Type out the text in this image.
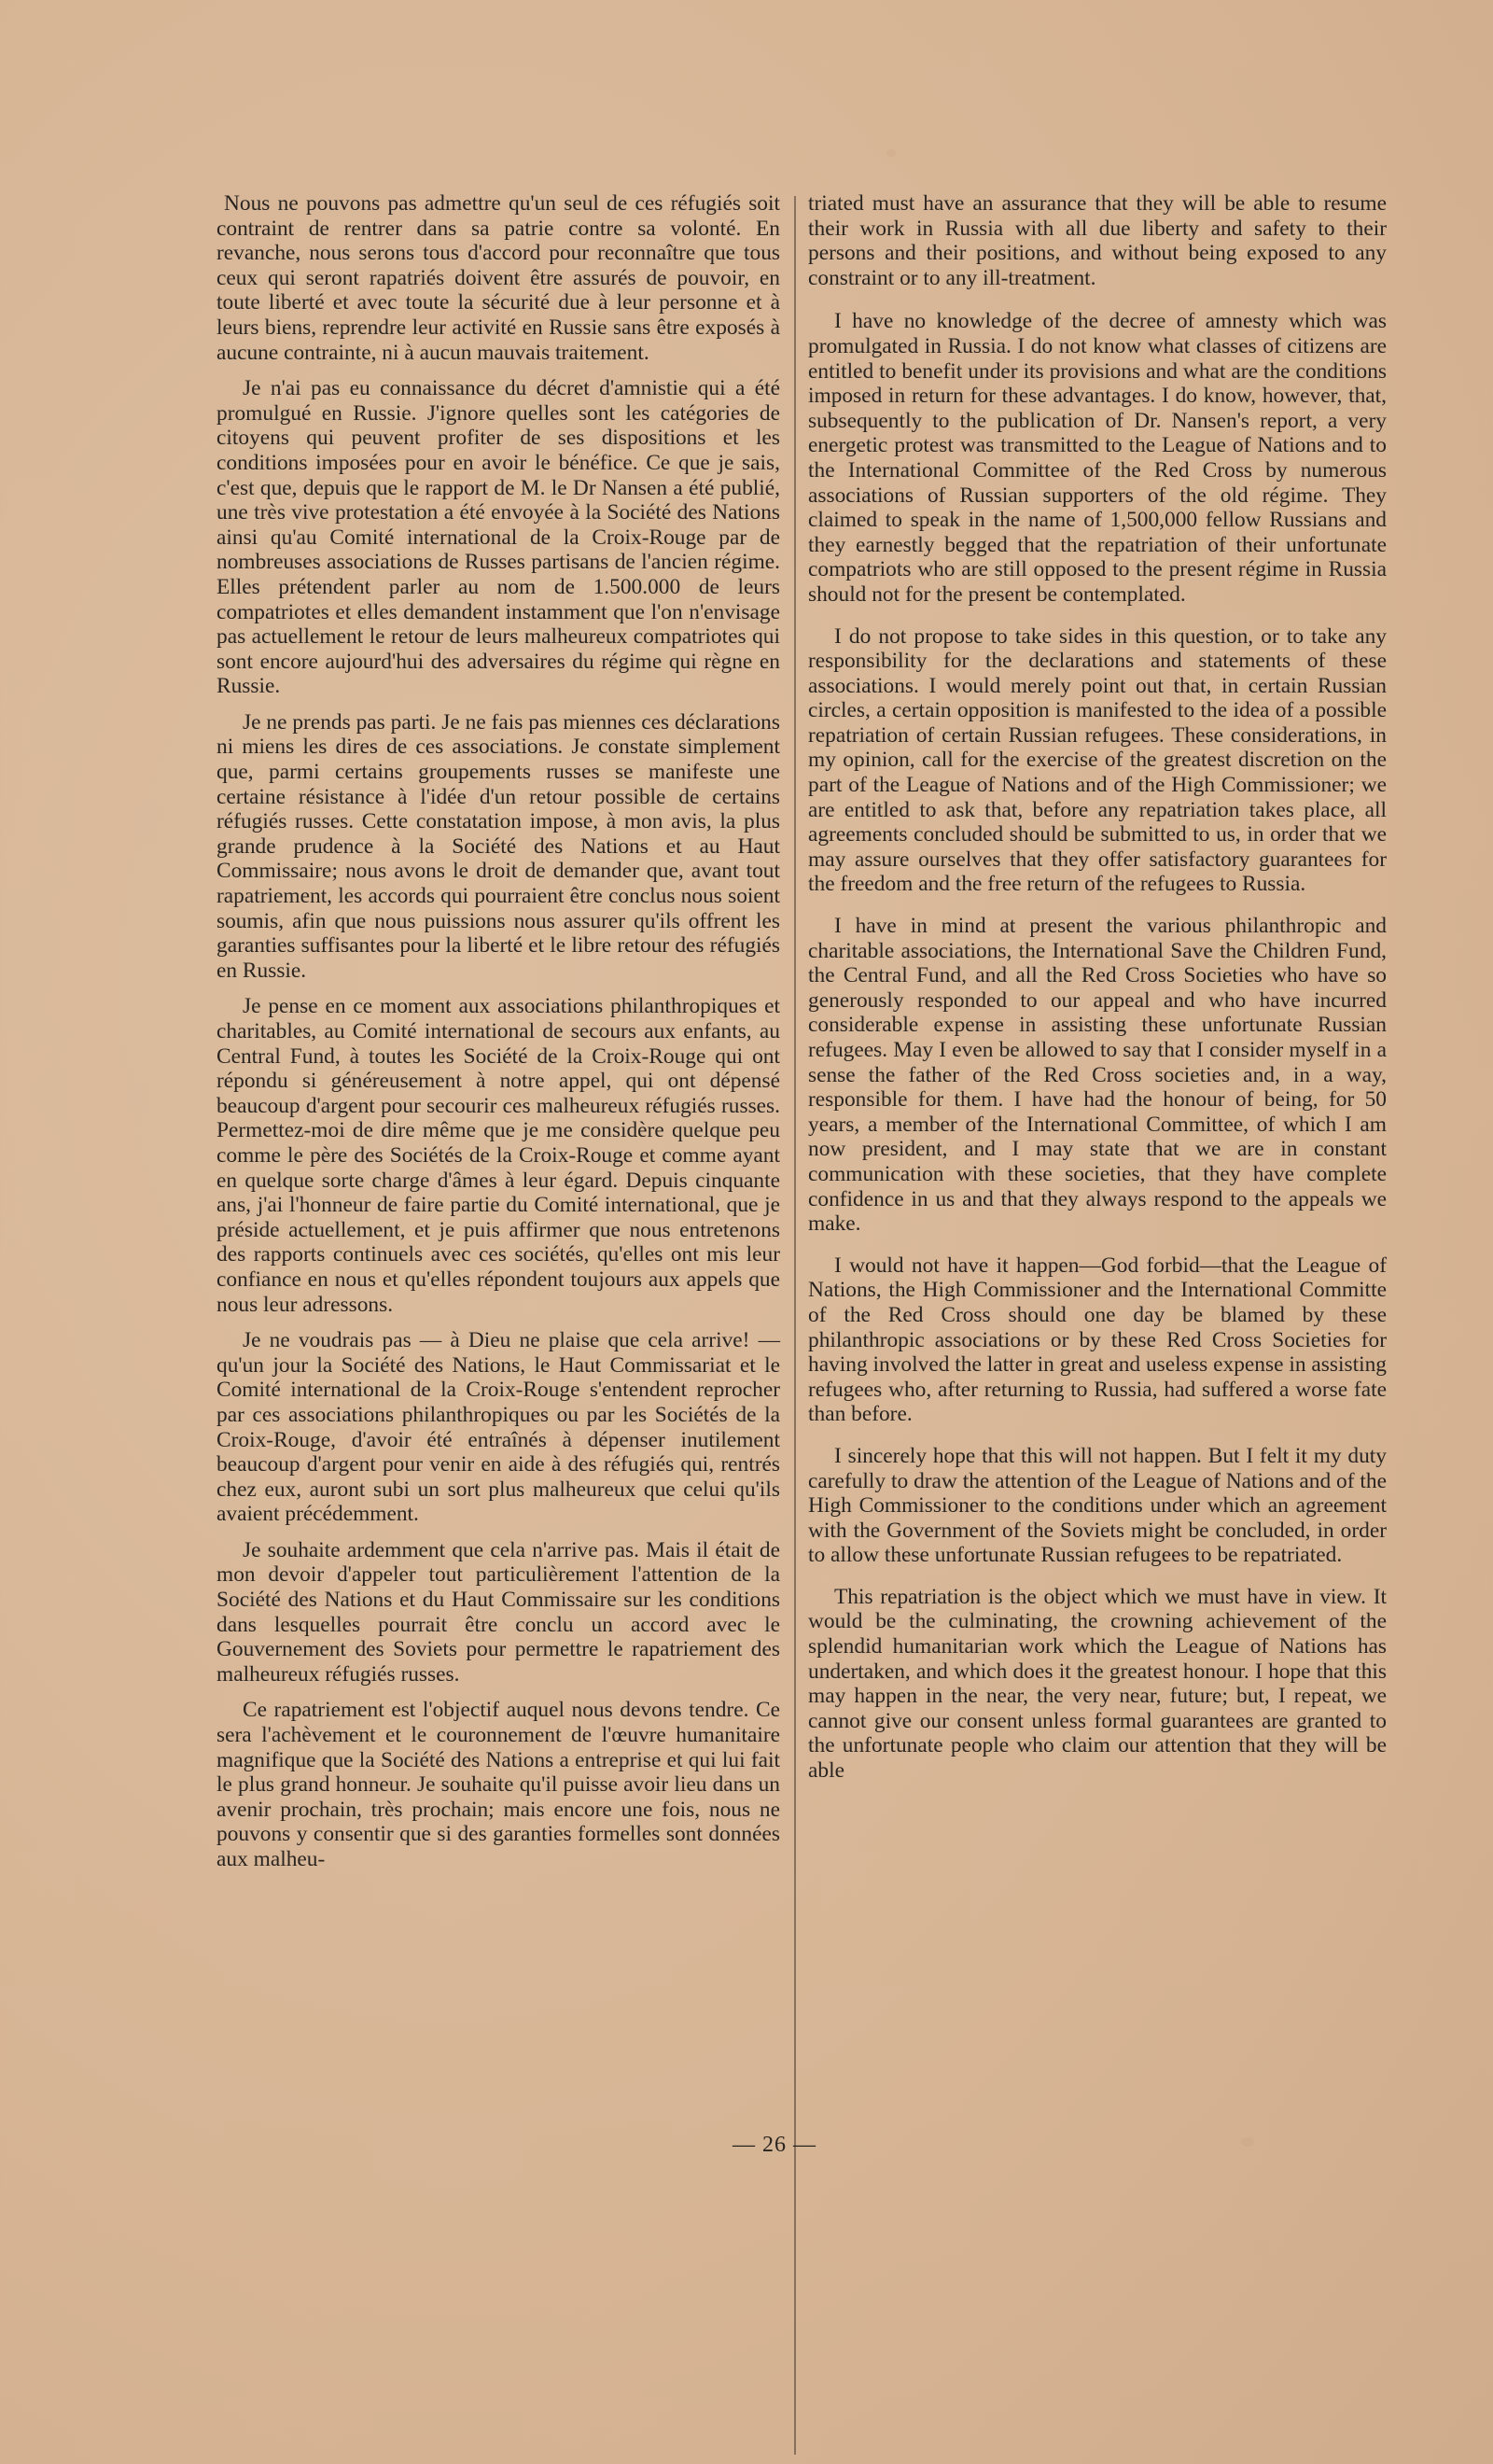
Nous ne pouvons pas admettre qu'un seul de ces réfugiés soit contraint de rentrer dans sa patrie contre sa volonté. En revanche, nous serons tous d'accord pour reconnaître que tous ceux qui seront rapatriés doivent être assurés de pouvoir, en toute liberté et avec toute la sécurité due à leur personne et à leurs biens, reprendre leur activité en Russie sans être exposés à aucune contrainte, ni à aucun mauvais traitement.

Je n'ai pas eu connaissance du décret d'amnistie qui a été promulgué en Russie. J'ignore quelles sont les catégories de citoyens qui peuvent profiter de ses dispositions et les conditions imposées pour en avoir le bénéfice. Ce que je sais, c'est que, depuis que le rapport de M. le Dr Nansen a été publié, une très vive protestation a été envoyée à la Société des Nations ainsi qu'au Comité international de la Croix-Rouge par de nombreuses associations de Russes partisans de l'ancien régime. Elles prétendent parler au nom de 1.500.000 de leurs compatriotes et elles demandent instamment que l'on n'envisage pas actuellement le retour de leurs malheureux compatriotes qui sont encore aujourd'hui des adversaires du régime qui règne en Russie.

Je ne prends pas parti. Je ne fais pas miennes ces déclarations ni miens les dires de ces associations. Je constate simplement que, parmi certains groupements russes se manifeste une certaine résistance à l'idée d'un retour possible de certains réfugiés russes. Cette constatation impose, à mon avis, la plus grande prudence à la Société des Nations et au Haut Commissaire; nous avons le droit de demander que, avant tout rapatriement, les accords qui pourraient être conclus nous soient soumis, afin que nous puissions nous assurer qu'ils offrent les garanties suffisantes pour la liberté et le libre retour des réfugiés en Russie.

Je pense en ce moment aux associations philanthropiques et charitables, au Comité international de secours aux enfants, au Central Fund, à toutes les Société de la Croix-Rouge qui ont répondu si généreusement à notre appel, qui ont dépensé beaucoup d'argent pour secourir ces malheureux réfugiés russes. Permettez-moi de dire même que je me considère quelque peu comme le père des Sociétés de la Croix-Rouge et comme ayant en quelque sorte charge d'âmes à leur égard. Depuis cinquante ans, j'ai l'honneur de faire partie du Comité international, que je préside actuellement, et je puis affirmer que nous entretenons des rapports continuels avec ces sociétés, qu'elles ont mis leur confiance en nous et qu'elles répondent toujours aux appels que nous leur adressons.

Je ne voudrais pas — à Dieu ne plaise que cela arrive! — qu'un jour la Société des Nations, le Haut Commissariat et le Comité international de la Croix-Rouge s'entendent reprocher par ces associations philanthropiques ou par les Sociétés de la Croix-Rouge, d'avoir été entraînés à dépenser inutilement beaucoup d'argent pour venir en aide à des réfugiés qui, rentrés chez eux, auront subi un sort plus malheureux que celui qu'ils avaient précédemment.

Je souhaite ardemment que cela n'arrive pas. Mais il était de mon devoir d'appeler tout particulièrement l'attention de la Société des Nations et du Haut Commissaire sur les conditions dans lesquelles pourrait être conclu un accord avec le Gouvernement des Soviets pour permettre le rapatriement des malheureux réfugiés russes.

Ce rapatriement est l'objectif auquel nous devons tendre. Ce sera l'achèvement et le couronnement de l'œuvre humanitaire magnifique que la Société des Nations a entreprise et qui lui fait le plus grand honneur. Je souhaite qu'il puisse avoir lieu dans un avenir prochain, très prochain; mais encore une fois, nous ne pouvons y consentir que si des garanties formelles sont données aux malheu-

triated must have an assurance that they will be able to resume their work in Russia with all due liberty and safety to their persons and their positions, and without being exposed to any constraint or to any ill-treatment.

I have no knowledge of the decree of amnesty which was promulgated in Russia. I do not know what classes of citizens are entitled to benefit under its provisions and what are the conditions imposed in return for these advantages. I do know, however, that, subsequently to the publication of Dr. Nansen's report, a very energetic protest was transmitted to the League of Nations and to the International Committee of the Red Cross by numerous associations of Russian supporters of the old régime. They claimed to speak in the name of 1,500,000 fellow Russians and they earnestly begged that the repatriation of their unfortunate compatriots who are still opposed to the present régime in Russia should not for the present be contemplated.

I do not propose to take sides in this question, or to take any responsibility for the declarations and statements of these associations. I would merely point out that, in certain Russian circles, a certain opposition is manifested to the idea of a possible repatriation of certain Russian refugees. These considerations, in my opinion, call for the exercise of the greatest discretion on the part of the League of Nations and of the High Commissioner; we are entitled to ask that, before any repatriation takes place, all agreements concluded should be submitted to us, in order that we may assure ourselves that they offer satisfactory guarantees for the freedom and the free return of the refugees to Russia.

I have in mind at present the various philanthropic and charitable associations, the International Save the Children Fund, the Central Fund, and all the Red Cross Societies who have so generously responded to our appeal and who have incurred considerable expense in assisting these unfortunate Russian refugees. May I even be allowed to say that I consider myself in a sense the father of the Red Cross societies and, in a way, responsible for them. I have had the honour of being, for 50 years, a member of the International Committee, of which I am now president, and I may state that we are in constant communication with these societies, that they have complete confidence in us and that they always respond to the appeals we make.

I would not have it happen—God forbid—that the League of Nations, the High Commissioner and the International Committe of the Red Cross should one day be blamed by these philanthropic associations or by these Red Cross Societies for having involved the latter in great and useless expense in assisting refugees who, after returning to Russia, had suffered a worse fate than before.

I sincerely hope that this will not happen. But I felt it my duty carefully to draw the attention of the League of Nations and of the High Commissioner to the conditions under which an agreement with the Government of the Soviets might be concluded, in order to allow these unfortunate Russian refugees to be repatriated.

This repatriation is the object which we must have in view. It would be the culminating, the crowning achievement of the splendid humanitarian work which the League of Nations has undertaken, and which does it the greatest honour. I hope that this may happen in the near, the very near, future; but, I repeat, we cannot give our consent unless formal guarantees are granted to the unfortunate people who claim our attention that they will be able

— 26 —
